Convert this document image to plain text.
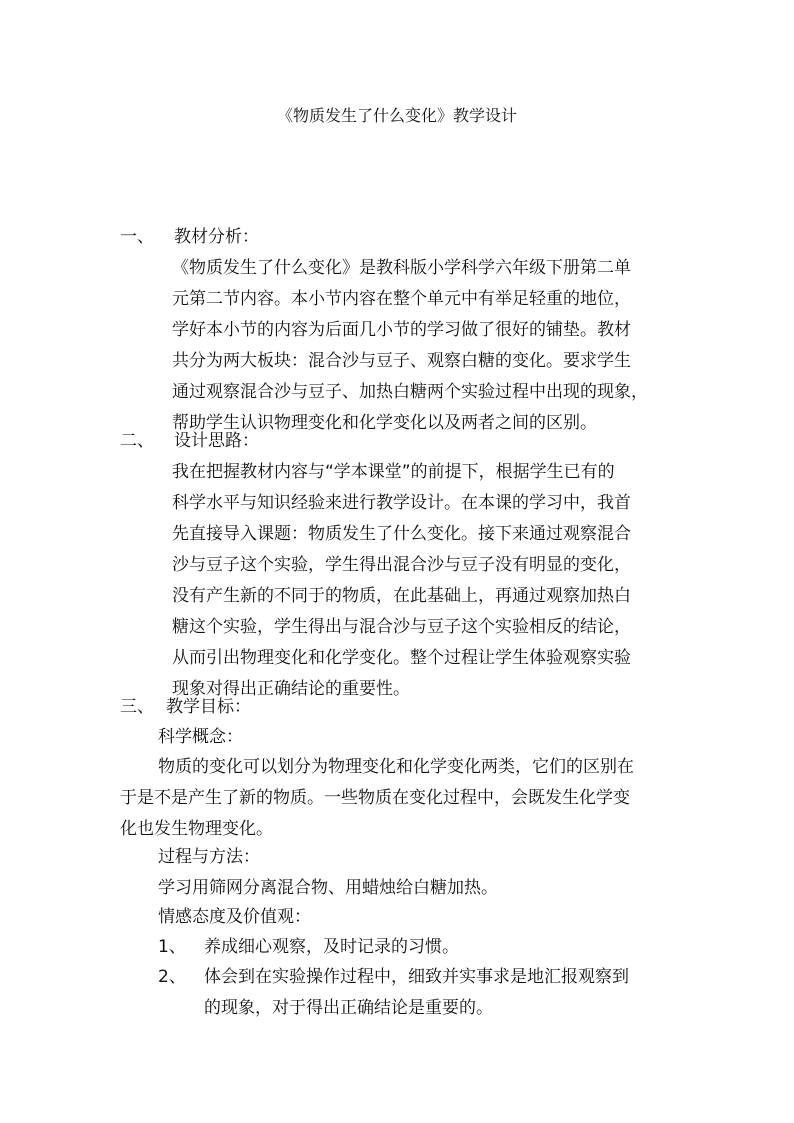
《物质发生了什么变化》教学设计
一、	教材分析：
《物质发生了什么变化》是教科版小学科学六年级下册第二单
元第二节内容。本小节内容在整个单元中有举足轻重的地位，
学好本小节的内容为后面几小节的学习做了很好的铺垫。教材
共分为两大板块：混合沙与豆子、观察白糖的变化。要求学生
通过观察混合沙与豆子、加热白糖两个实验过程中出现的现象，
帮助学生认识物理变化和化学变化以及两者之间的区别。
二、	设计思路：
我在把握教材内容与“学本课堂”的前提下，根据学生已有的
科学水平与知识经验来进行教学设计。在本课的学习中，我首
先直接导入课题：物质发生了什么变化。接下来通过观察混合
沙与豆子这个实验，学生得出混合沙与豆子没有明显的变化，
没有产生新的不同于的物质，在此基础上，再通过观察加热白
糖这个实验，学生得出与混合沙与豆子这个实验相反的结论，
从而引出物理变化和化学变化。整个过程让学生体验观察实验
现象对得出正确结论的重要性。
三、 教学目标：
科学概念：
物质的变化可以划分为物理变化和化学变化两类，它们的区别在
于是不是产生了新的物质。一些物质在变化过程中，会既发生化学变
化也发生物理变化。
过程与方法：
学习用筛网分离混合物、用蜡烛给白糖加热。
情感态度及价值观：
1、	养成细心观察，及时记录的习惯。
2、	体会到在实验操作过程中，细致并实事求是地汇报观察到
的现象，对于得出正确结论是重要的。
